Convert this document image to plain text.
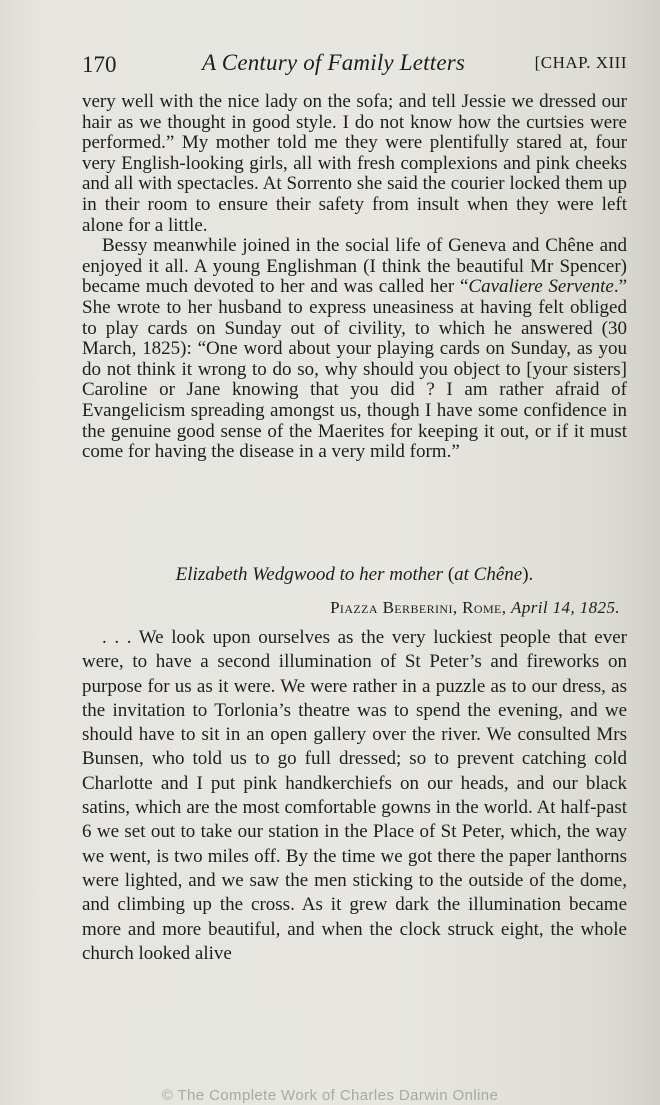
170	A Century of Family Letters	[CHAP. XIII

very well with the nice lady on the sofa; and tell Jessie we dressed our hair as we thought in good style. I do not know how the curtsies were performed.” My mother told me they were plentifully stared at, four very English-looking girls, all with fresh complexions and pink cheeks and all with spectacles. At Sorrento she said the courier locked them up in their room to ensure their safety from insult when they were left alone for a little.

Bessy meanwhile joined in the social life of Geneva and Chêne and enjoyed it all. A young Englishman (I think the beautiful Mr Spencer) became much devoted to her and was called her “Cavaliere Servente.” She wrote to her husband to express uneasiness at having felt obliged to play cards on Sunday out of civility, to which he answered (30 March, 1825): “One word about your playing cards on Sunday, as you do not think it wrong to do so, why should you object to [your sisters] Caroline or Jane knowing that you did ? I am rather afraid of Evangelicism spreading amongst us, though I have some confidence in the genuine good sense of the Maerites for keeping it out, or if it must come for having the disease in a very mild form.”

Elizabeth Wedgwood to her mother (at Chêne).
Piazza Berberini, Rome, April 14, 1825.

. . . We look upon ourselves as the very luckiest people that ever were, to have a second illumination of St Peter’s and fireworks on purpose for us as it were. We were rather in a puzzle as to our dress, as the invitation to Torlonia’s theatre was to spend the evening, and we should have to sit in an open gallery over the river. We consulted Mrs Bunsen, who told us to go full dressed; so to prevent catching cold Charlotte and I put pink handkerchiefs on our heads, and our black satins, which are the most comfortable gowns in the world. At half-past 6 we set out to take our station in the Place of St Peter, which, the way we went, is two miles off. By the time we got there the paper lanthorns were lighted, and we saw the men sticking to the outside of the dome, and climbing up the cross. As it grew dark the illumination became more and more beautiful, and when the clock struck eight, the whole church looked alive

© The Complete Work of Charles Darwin Online
